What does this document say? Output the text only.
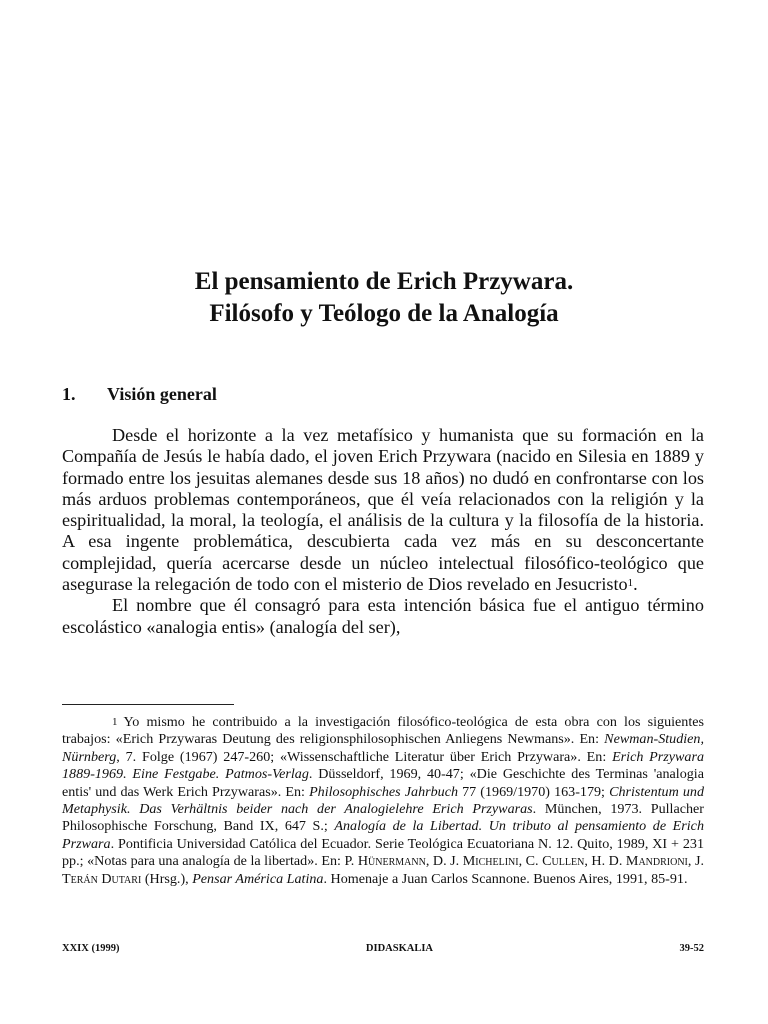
El pensamiento de Erich Przywara.
Filósofo y Teólogo de la Analogía
1. Visión general

Desde el horizonte a la vez metafísico y humanista que su formación en la Compañía de Jesús le había dado, el joven Erich Przywara (nacido en Silesia en 1889 y formado entre los jesuitas alemanes desde sus 18 años) no dudó en confrontarse con los más arduos problemas contemporáneos, que él veía relacionados con la religión y la espiritualidad, la moral, la teología, el análisis de la cultura y la filosofía de la historia. A esa ingente problemática, descubierta cada vez más en su desconcertante complejidad, quería acercarse desde un núcleo intelectual filosófico-teológico que asegurase la relegación de todo con el misterio de Dios revelado en Jesucristo$^1$.

El nombre que él consagró para esta intención básica fue el antiguo término escolástico «analogia entis» (analogía del ser),

1 Yo mismo he contribuido a la investigación filosófico-teológica de esta obra con los siguientes trabajos: «Erich Przywaras Deutung des religionsphilosophischen Anliegens Newmans». En: Newman-Studien, Nürnberg, 7. Folge (1967) 247-260; «Wissenschaftliche Literatur über Erich Przywara». En: Erich Przywara 1889-1969. Eine Festgabe. Patmos-Verlag. Düsseldorf, 1969, 40-47; «Die Geschichte des Terminas 'analogia entis' und das Werk Erich Przywaras». En: Philosophisches Jahrbuch 77 (1969/1970) 163-179; Christentum und Metaphysik. Das Verhältnis beider nach der Analogielehre Erich Przywaras. München, 1973. Pullacher Philosophische Forschung, Band IX, 647 S.; Analogía de la Libertad. Un tributo al pensamiento de Erich Przwara. Pontificia Universidad Católica del Ecuador. Serie Teológica Ecuatoriana N. 12. Quito, 1989, XI + 231 pp.; «Notas para una analogía de la libertad». En: P. Hünermann, D. J. Michelini, C. Cullen, H. D. Mandrioni, J. Terán Dutari (Hrsg.), Pensar América Latina. Homenaje a Juan Carlos Scannone. Buenos Aires, 1991, 85-91.
XXIX (1999)	DIDASKALIA	39-52
